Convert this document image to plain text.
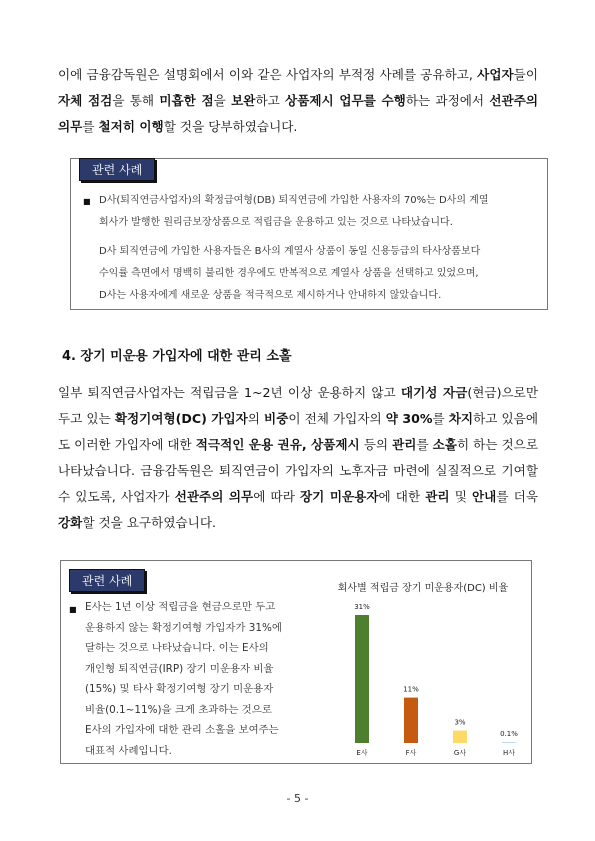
이에 금융감독원은 설명회에서 이와 같은 사업자의 부적정 사례를 공유하고, 사업자들이 자체 점검을 통해 미흡한 점을 보완하고 상품제시 업무를 수행하는 과정에서 선관주의 의무를 철저히 이행할 것을 당부하였습니다.

관련 사례
■ D사(퇴직연금사업자)의 확정급여형(DB) 퇴직연금에 가입한 사용자의 70%는 D사의 계열

회사가 발행한 원리금보장상품으로 적립금을 운용하고 있는 것으로 나타났습니다.

D사 퇴직연금에 가입한 사용자들은 B사의 계열사 상품이 동일 신용등급의 타사상품보다

수익률 측면에서 명백히 불리한 경우에도 반복적으로 계열사 상품을 선택하고 있었으며,

D사는 사용자에게 새로운 상품을 적극적으로 제시하거나 안내하지 않았습니다.

4. 장기 미운용 가입자에 대한 관리 소홀

일부 퇴직연금사업자는 적립금을 1~2년 이상 운용하지 않고 대기성 자금(현금)으로만 두고 있는 확정기여형(DC) 가입자의 비중이 전체 가입자의 약 30%를 차지하고 있음에도 이러한 가입자에 대한 적극적인 운용 권유, 상품제시 등의 관리를 소홀히 하는 것으로 나타났습니다. 금융감독원은 퇴직연금이 가입자의 노후자금 마련에 실질적으로 기여할 수 있도록, 사업자가 선관주의 의무에 따라 장기 미운용자에 대한 관리 및 안내를 더욱 강화할 것을 요구하였습니다.

관련 사례
■ E사는 1년 이상 적립금을 현금으로만 두고
운용하지 않는 확정기여형 가입자가 31%에
달하는 것으로 나타났습니다. 이는 E사의
개인형 퇴직연금(IRP) 장기 미운용자 비율
(15%) 및 타사 확정기여형 장기 미운용자
비율(0.1~11%)을 크게 초과하는 것으로
E사의 가입자에 대한 관리 소홀을 보여주는
대표적 사례입니다.
회사별 적립금 장기 미운용자(DC) 비율
31%
E사
11%
F사
3%
G사
0.1%
H사
- 5 -
